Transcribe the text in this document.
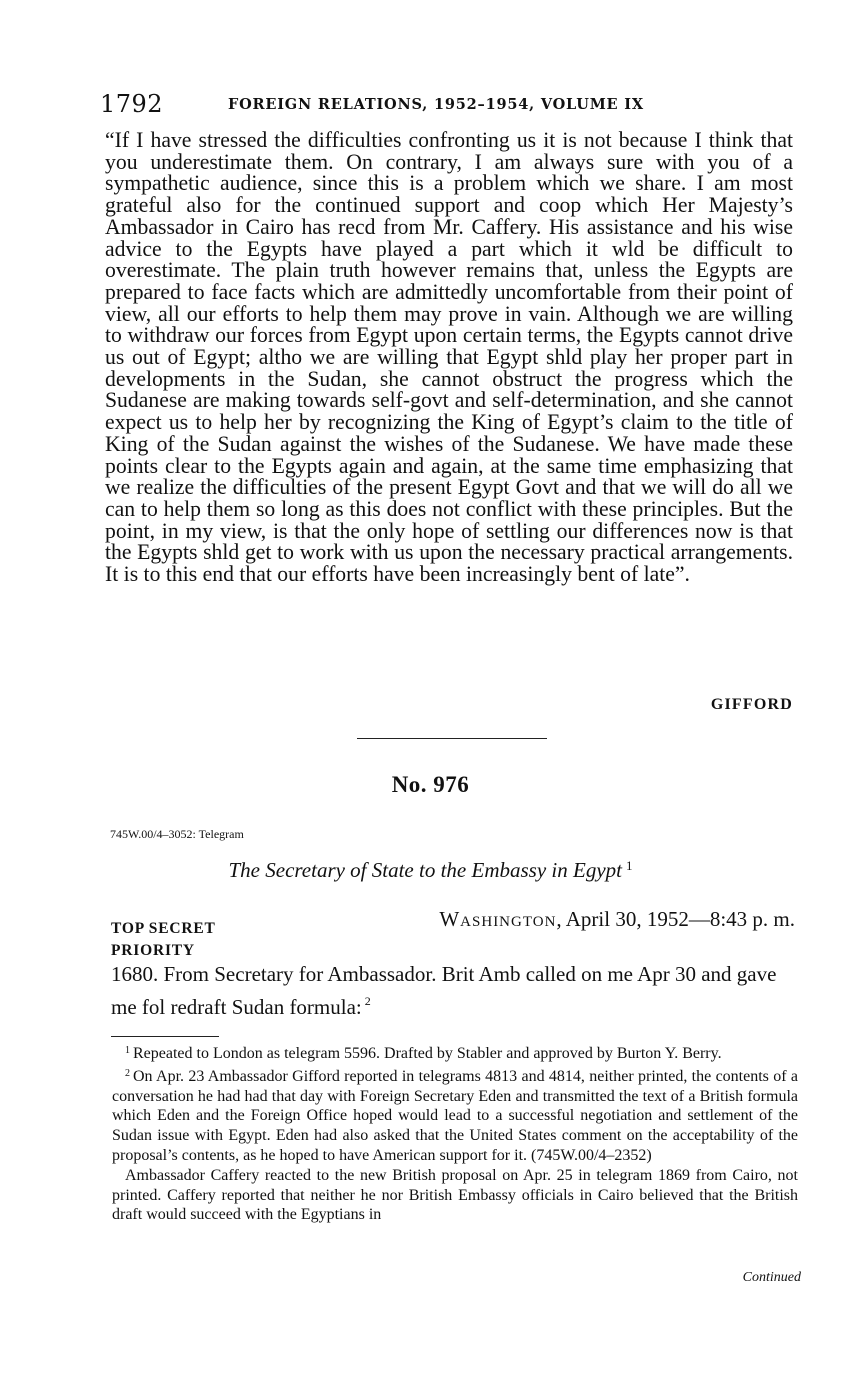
1792	FOREIGN RELATIONS, 1952–1954, VOLUME IX

“If I have stressed the difficulties confronting us it is not because I think that you underestimate them. On contrary, I am always sure with you of a sympathetic audience, since this is a problem which we share. I am most grateful also for the continued support and coop which Her Majesty’s Ambassador in Cairo has recd from Mr. Caffery. His assistance and his wise advice to the Egypts have played a part which it wld be difficult to overestimate. The plain truth however remains that, unless the Egypts are prepared to face facts which are admittedly uncomfortable from their point of view, all our efforts to help them may prove in vain. Although we are willing to withdraw our forces from Egypt upon certain terms, the Egypts cannot drive us out of Egypt; altho we are willing that Egypt shld play her proper part in developments in the Sudan, she cannot obstruct the progress which the Sudanese are making towards self-govt and self-determination, and she cannot expect us to help her by recognizing the King of Egypt’s claim to the title of King of the Sudan against the wishes of the Sudanese. We have made these points clear to the Egypts again and again, at the same time emphasizing that we realize the difficulties of the present Egypt Govt and that we will do all we can to help them so long as this does not conflict with these principles. But the point, in my view, is that the only hope of settling our differences now is that the Egypts shld get to work with us upon the necessary practical arrangements. It is to this end that our efforts have been increasingly bent of late”.

GIFFORD
No. 976
745W.00/4–3052: Telegram
The Secretary of State to the Embassy in Egypt $^1$
TOP SECRET
PRIORITY
Washington, April 30, 1952—8:43 p. m.

1680. From Secretary for Ambassador. Brit Amb called on me Apr 30 and gave me fol redraft Sudan formula: $^2$

$^1$ Repeated to London as telegram 5596. Drafted by Stabler and approved by Burton Y. Berry.

$^2$ On Apr. 23 Ambassador Gifford reported in telegrams 4813 and 4814, neither printed, the contents of a conversation he had had that day with Foreign Secretary Eden and transmitted the text of a British formula which Eden and the Foreign Office hoped would lead to a successful negotiation and settlement of the Sudan issue with Egypt. Eden had also asked that the United States comment on the acceptability of the proposal’s contents, as he hoped to have American support for it. (745W.00/4–2352)

Ambassador Caffery reacted to the new British proposal on Apr. 25 in telegram 1869 from Cairo, not printed. Caffery reported that neither he nor British Embassy officials in Cairo believed that the British draft would succeed with the Egyptians in

Continued
